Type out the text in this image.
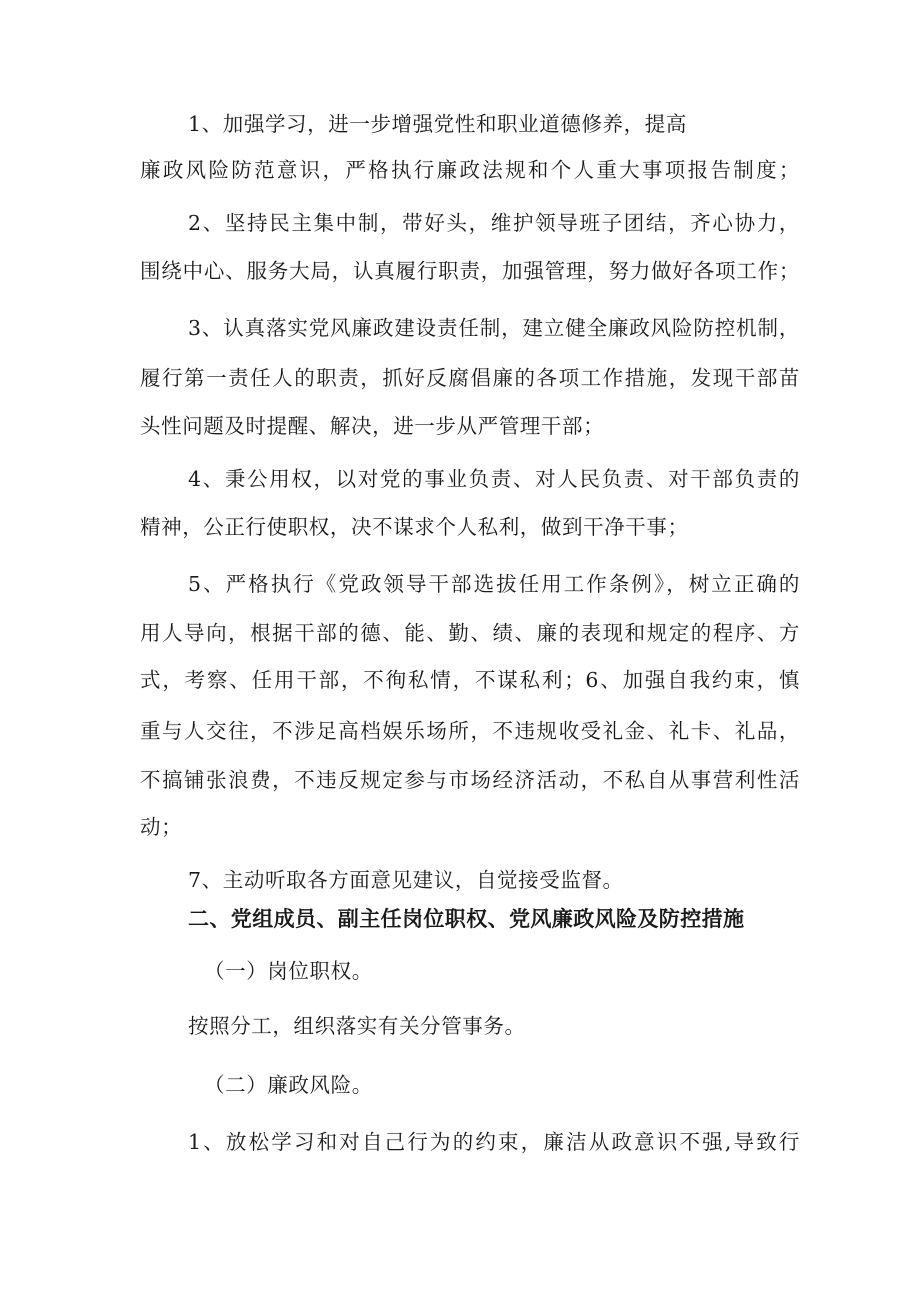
1、加强学习，进一步增强党性和职业道德修养，提高
廉政风险防范意识，严格执行廉政法规和个人重大事项报告制度；
2、坚持民主集中制，带好头，维护领导班子团结，齐心协力，
围绕中心、服务大局，认真履行职责，加强管理，努力做好各项工作；
3、认真落实党风廉政建设责任制，建立健全廉政风险防控机制，
履行第一责任人的职责，抓好反腐倡廉的各项工作措施，发现干部苗
头性问题及时提醒、解决，进一步从严管理干部；
4、秉公用权，以对党的事业负责、对人民负责、对干部负责的
精神，公正行使职权，决不谋求个人私利，做到干净干事；
5、严格执行《党政领导干部选拔任用工作条例》，树立正确的
用人导向，根据干部的德、能、勤、绩、廉的表现和规定的程序、方
式，考察、任用干部，不徇私情，不谋私利；6、加强自我约束，慎
重与人交往，不涉足高档娱乐场所，不违规收受礼金、礼卡、礼品，
不搞铺张浪费，不违反规定参与市场经济活动，不私自从事营利性活
动；
7、主动听取各方面意见建议，自觉接受监督。
二、党组成员、副主任岗位职权、党风廉政风险及防控措施
（一）岗位职权。
按照分工，组织落实有关分管事务。
（二）廉政风险。
1、放松学习和对自己行为的约束，廉洁从政意识不强,导致行
